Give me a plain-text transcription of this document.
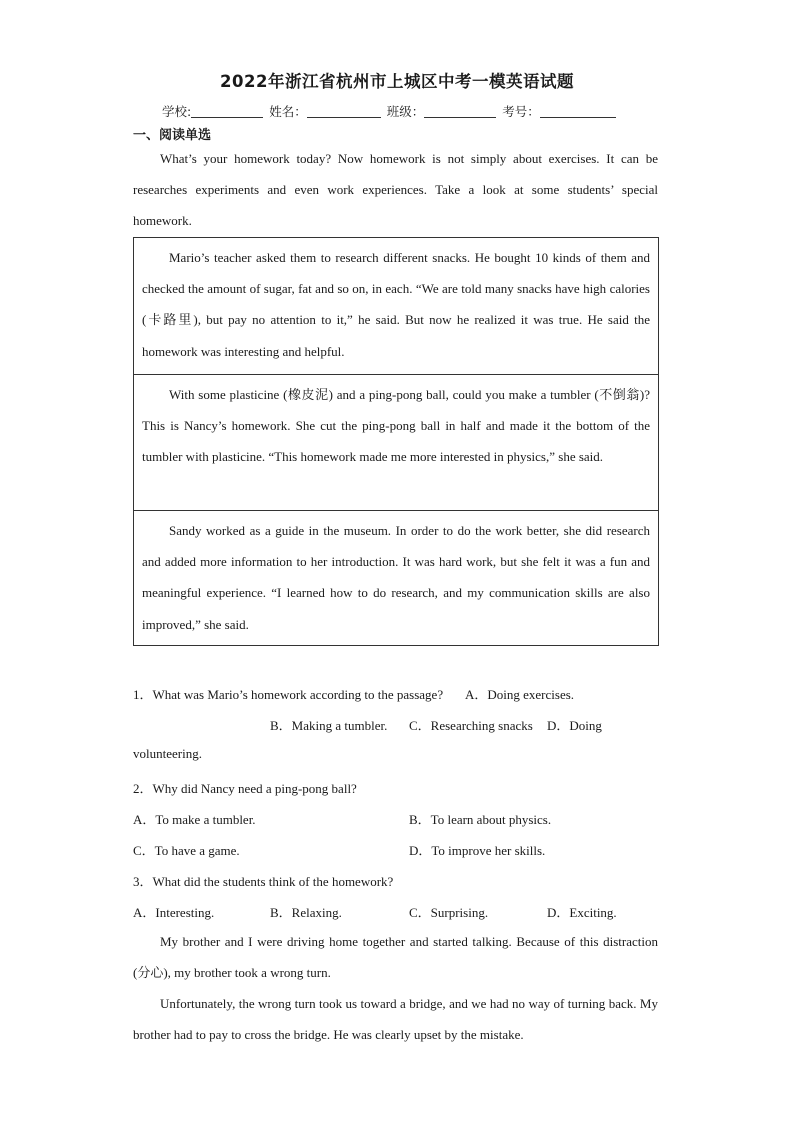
2022年浙江省杭州市上城区中考一模英语试题
学校:	姓名：	班级：	考号：
一、阅读单选
What’s your homework today? Now homework is not simply about exercises. It can be researches experiments and even work experiences. Take a look at some students’ special homework.
Mario’s teacher asked them to research different snacks. He bought 10 kinds of them and checked the amount of sugar, fat and so on, in each. “We are told many snacks have high calories (卡路里), but pay no attention to it,” he said. But now he realized it was true. He said the homework was interesting and helpful.
With some plasticine (橡皮泥) and a ping-pong ball, could you make a tumbler (不倒翁)? This is Nancy’s homework. She cut the ping-pong ball in half and made it the bottom of the tumbler with plasticine. “This homework made me more interested in physics,” she said.
Sandy worked as a guide in the museum. In order to do the work better, she did research and added more information to her introduction. It was hard work, but she felt it was a fun and meaningful experience. “I learned how to do research, and my communication skills are also improved,” she said.
1．What was Mario’s homework according to the passage? A．Doing exercises.
B．Making a tumbler. C．Researching snacks D．Doing
volunteering.
2．Why did Nancy need a ping-pong ball?
A．To make a tumbler.	B．To learn about physics.
C．To have a game.	D．To improve her skills.
3．What did the students think of the homework?
A．Interesting.	B．Relaxing.	C．Surprising.	D．Exciting.
My brother and I were driving home together and started talking. Because of this distraction (分心), my brother took a wrong turn.
Unfortunately, the wrong turn took us toward a bridge, and we had no way of turning back. My brother had to pay to cross the bridge. He was clearly upset by the mistake.
